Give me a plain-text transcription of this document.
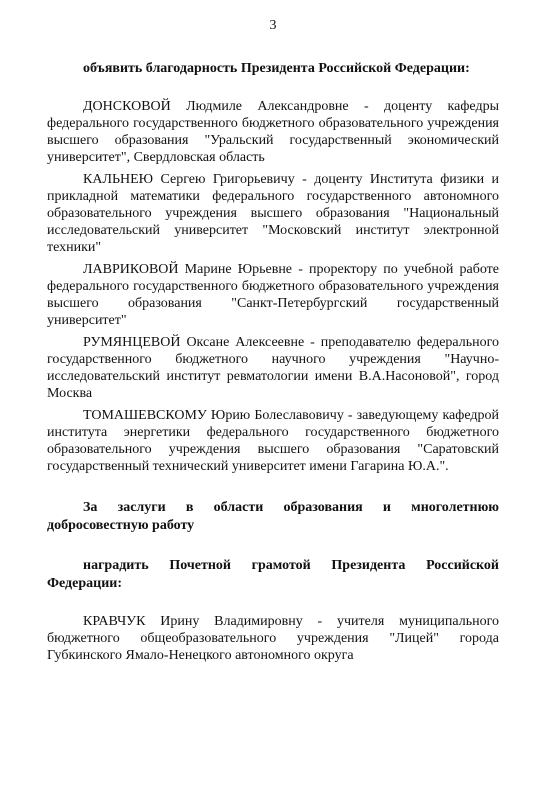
3

объявить благодарность Президента Российской Федерации:

ДОНСКОВОЙ Людмиле Александровне - доценту кафедры федерального государственного бюджетного образовательного учреждения высшего образования "Уральский государственный экономический университет", Свердловская область

КАЛЬНЕЮ Сергею Григорьевичу - доценту Института физики и прикладной математики федерального государственного автономного образовательного учреждения высшего образования "Национальный исследовательский университет "Московский институт электронной техники"

ЛАВРИКОВОЙ Марине Юрьевне - проректору по учебной работе федерального государственного бюджетного образовательного учреждения высшего образования "Санкт-Петербургский государственный университет"

РУМЯНЦЕВОЙ Оксане Алексеевне - преподавателю федерального государственного бюджетного научного учреждения "Научно-исследовательский институт ревматологии имени В.А.Насоновой", город Москва

ТОМАШЕВСКОМУ Юрию Болеславовичу - заведующему кафедрой института энергетики федерального государственного бюджетного образовательного учреждения высшего образования "Саратовский государственный технический университет имени Гагарина Ю.А.".

За заслуги в области образования и многолетнюю добросовестную работу

наградить Почетной грамотой Президента Российской Федерации:

КРАВЧУК Ирину Владимировну - учителя муниципального бюджетного общеобразовательного учреждения "Лицей" города Губкинского Ямало-Ненецкого автономного округа
